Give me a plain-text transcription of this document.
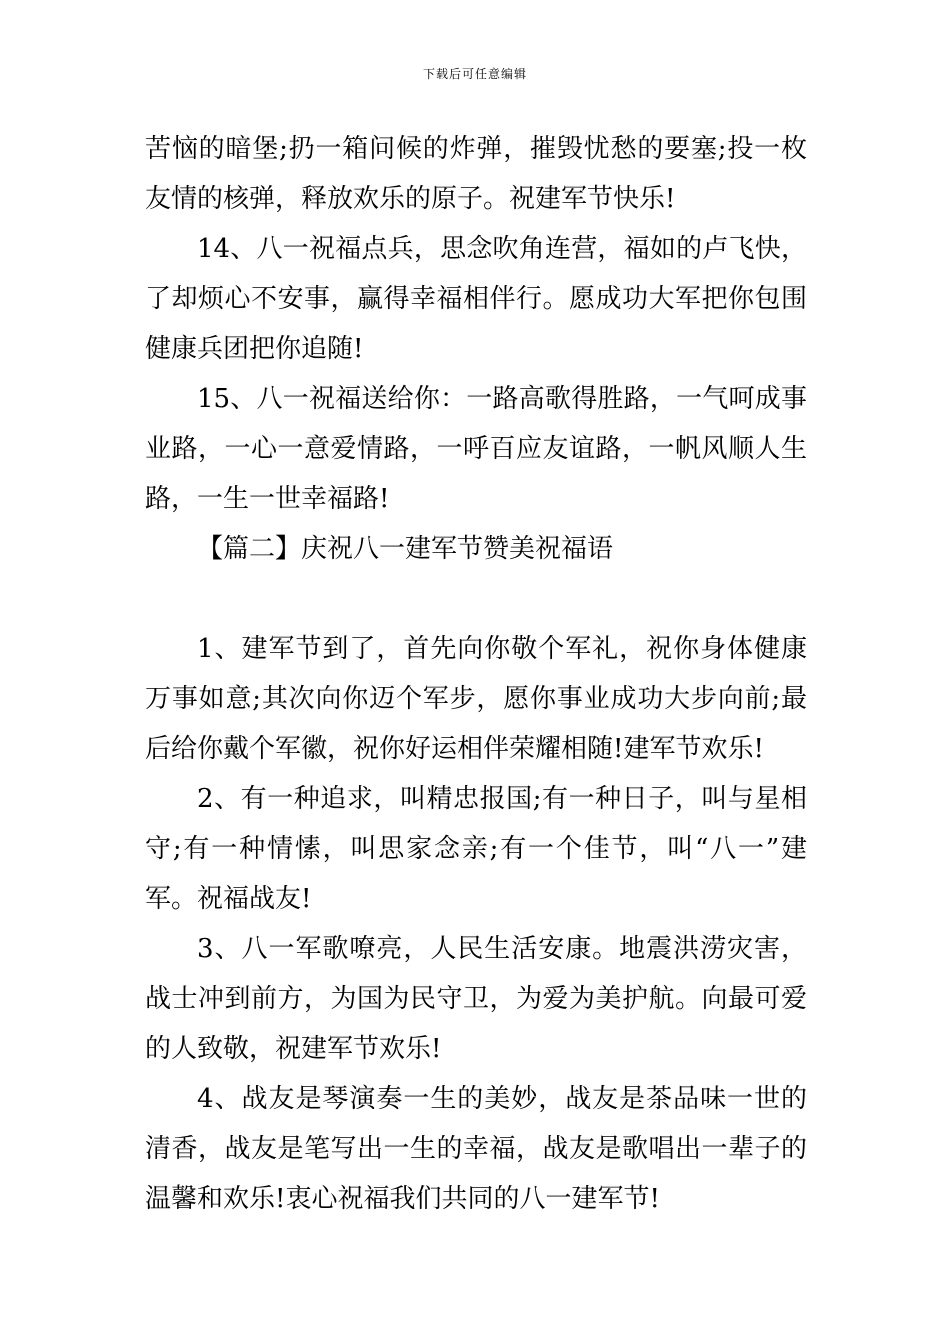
下载后可任意编辑

苦恼的暗堡;扔一箱问候的炸弹，摧毁忧愁的要塞;投一枚友情的核弹，释放欢乐的原子。祝建军节快乐!

14、八一祝福点兵，思念吹角连营，福如的卢飞快，了却烦心不安事，赢得幸福相伴行。愿成功大军把你包围健康兵团把你追随!

15、八一祝福送给你：一路高歌得胜路，一气呵成事业路，一心一意爱情路，一呼百应友谊路，一帆风顺人生路，一生一世幸福路!

【篇二】庆祝八一建军节赞美祝福语

1、建军节到了，首先向你敬个军礼，祝你身体健康万事如意;其次向你迈个军步，愿你事业成功大步向前;最后给你戴个军徽，祝你好运相伴荣耀相随!建军节欢乐!

2、有一种追求，叫精忠报国;有一种日子，叫与星相守;有一种情愫，叫思家念亲;有一个佳节，叫“八一”建军。祝福战友!

3、八一军歌嘹亮，人民生活安康。地震洪涝灾害，战士冲到前方，为国为民守卫，为爱为美护航。向最可爱的人致敬，祝建军节欢乐!

4、战友是琴演奏一生的美妙，战友是茶品味一世的清香，战友是笔写出一生的幸福，战友是歌唱出一辈子的温馨和欢乐!衷心祝福我们共同的八一建军节!
